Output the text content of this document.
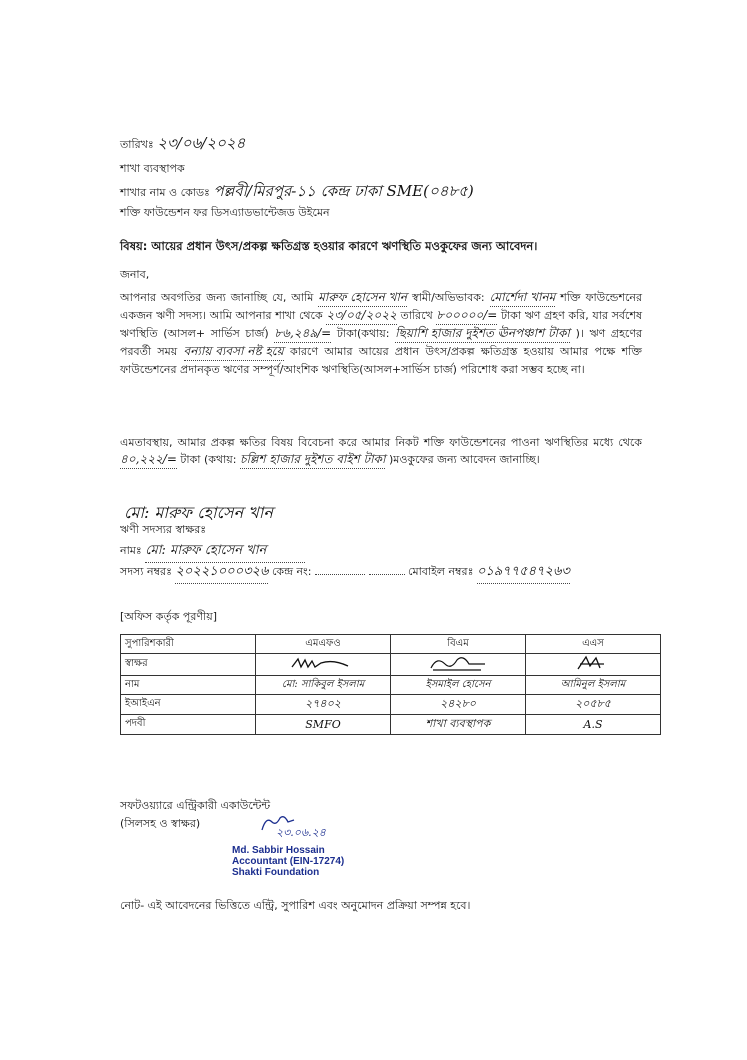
তারিখঃ ২৩/০৬/২০২৪
শাখা ব্যবস্থাপক
শাখার নাম ও কোডঃ পল্লবী/মিরপুর-১১ কেন্দ্র ঢাকা SME(০৪৮৫)
শক্তি ফাউন্ডেশন ফর ডিসএ্যাডভান্টেজড উইমেন
বিষয়: আয়ের প্রধান উৎস/প্রকল্প ক্ষতিগ্রস্ত হওয়ার কারণে ঋণস্থিতি মওকুফের জন্য আবেদন।
জনাব,
আপনার অবগতির জন্য জানাচ্ছি যে, আমি মারুফ হোসেন খান স্বামী/অভিভাবক: মোর্শেদা খানম শক্তি ফাউন্ডেশনের একজন ঋণী সদস্য। আমি আপনার শাখা থেকে ২৩/০৫/২০২২ তারিখে ৮০০০০০/= টাকা ঋণ গ্রহণ করি, যার সর্বশেষ ঋণস্থিতি (আসল+ সার্ভিস চার্জ) ৮৬,২৪৯/= টাকা(কথায়: ছিয়াশি হাজার দুইশত ঊনপঞ্চাশ টাকা )। ঋণ গ্রহণের পরবর্তী সময় বন্যায় ব্যবসা নষ্ট হয়ে কারণে আমার আয়ের প্রধান উৎস/প্রকল্প ক্ষতিগ্রস্ত হওয়ায় আমার পক্ষে শক্তি ফাউন্ডেশনের প্রদানকৃত ঋণের সম্পূর্ণ/আংশিক ঋণস্থিতি(আসল+সার্ভিস চার্জ) পরিশোধ করা সম্ভব হচ্ছে না।
এমতাবস্থায়, আমার প্রকল্প ক্ষতির বিষয় বিবেচনা করে আমার নিকট শক্তি ফাউন্ডেশনের পাওনা ঋণস্থিতির মধ্যে থেকে ৪০,২২২/= টাকা (কথায়: চল্লিশ হাজার দুইশত বাইশ টাকা )মওকুফের জন্য আবেদন জানাচ্ছি।
মো: মারুফ হোসেন খান
ঋণী সদস্যর স্বাক্ষরঃ
নামঃ মো: মারুফ হোসেন খান
সদস্য নম্বরঃ ২০২২১০০০৩২৬ কেন্দ্র নং:	মোবাইল নম্বরঃ ০১৯৭৭৫৪৭২৬৩
[অফিস কর্তৃক পূরণীয়]
সুপারিশকারী	এমএফও	বিএম	এএস
স্বাক্ষর			
নাম	মো: সাকিবুল ইসলাম	ইসমাইল হোসেন	আমিনুল ইসলাম
ইআইএন	২৭৪০২	২৪২৮০	২০৫৮৫
পদবী	SMFO	শাখা ব্যবস্থাপক	A.S
সফটওয়্যারে এন্ট্রিকারী একাউন্টেন্ট
(সিলসহ ও স্বাক্ষর)
২৩.০৬.২৪
Md. Sabbir Hossain
Accountant (EIN-17274)
Shakti Foundation
নোট- এই আবেদনের ভিত্তিতে এন্ট্রি, সুপারিশ এবং অনুমোদন প্রক্রিয়া সম্পন্ন হবে।
